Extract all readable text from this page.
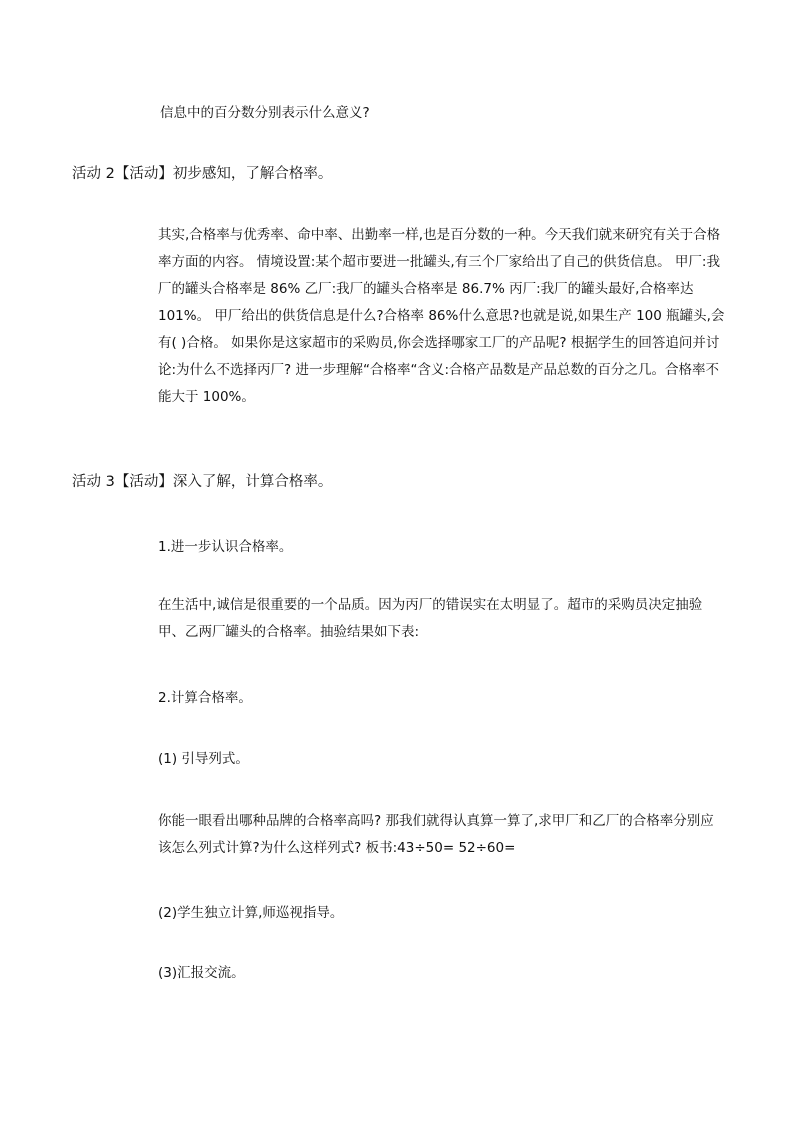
信息中的百分数分别表示什么意义?
活动 2【活动】初步感知，了解合格率。
其实,合格率与优秀率、命中率、出勤率一样,也是百分数的一种。今天我们就来研究有关于合格率方面的内容。 情境设置:某个超市要进一批罐头,有三个厂家给出了自己的供货信息。 甲厂:我厂的罐头合格率是 86% 乙厂:我厂的罐头合格率是 86.7% 丙厂:我厂的罐头最好,合格率达 101%。 甲厂给出的供货信息是什么?合格率 86%什么意思?也就是说,如果生产 100 瓶罐头,会有( )合格。 如果你是这家超市的采购员,你会选择哪家工厂的产品呢? 根据学生的回答追问并讨论:为什么不选择丙厂? 进一步理解“合格率“含义:合格产品数是产品总数的百分之几。合格率不能大于 100%。
活动 3【活动】深入了解，计算合格率。
1.进一步认识合格率。
在生活中,诚信是很重要的一个品质。因为丙厂的错误实在太明显了。超市的采购员决定抽验甲、乙两厂罐头的合格率。抽验结果如下表:
2.计算合格率。
(1) 引导列式。
你能一眼看出哪种品牌的合格率高吗? 那我们就得认真算一算了,求甲厂和乙厂的合格率分别应该怎么列式计算?为什么这样列式? 板书:43÷50= 52÷60=
(2)学生独立计算,师巡视指导。
(3)汇报交流。
